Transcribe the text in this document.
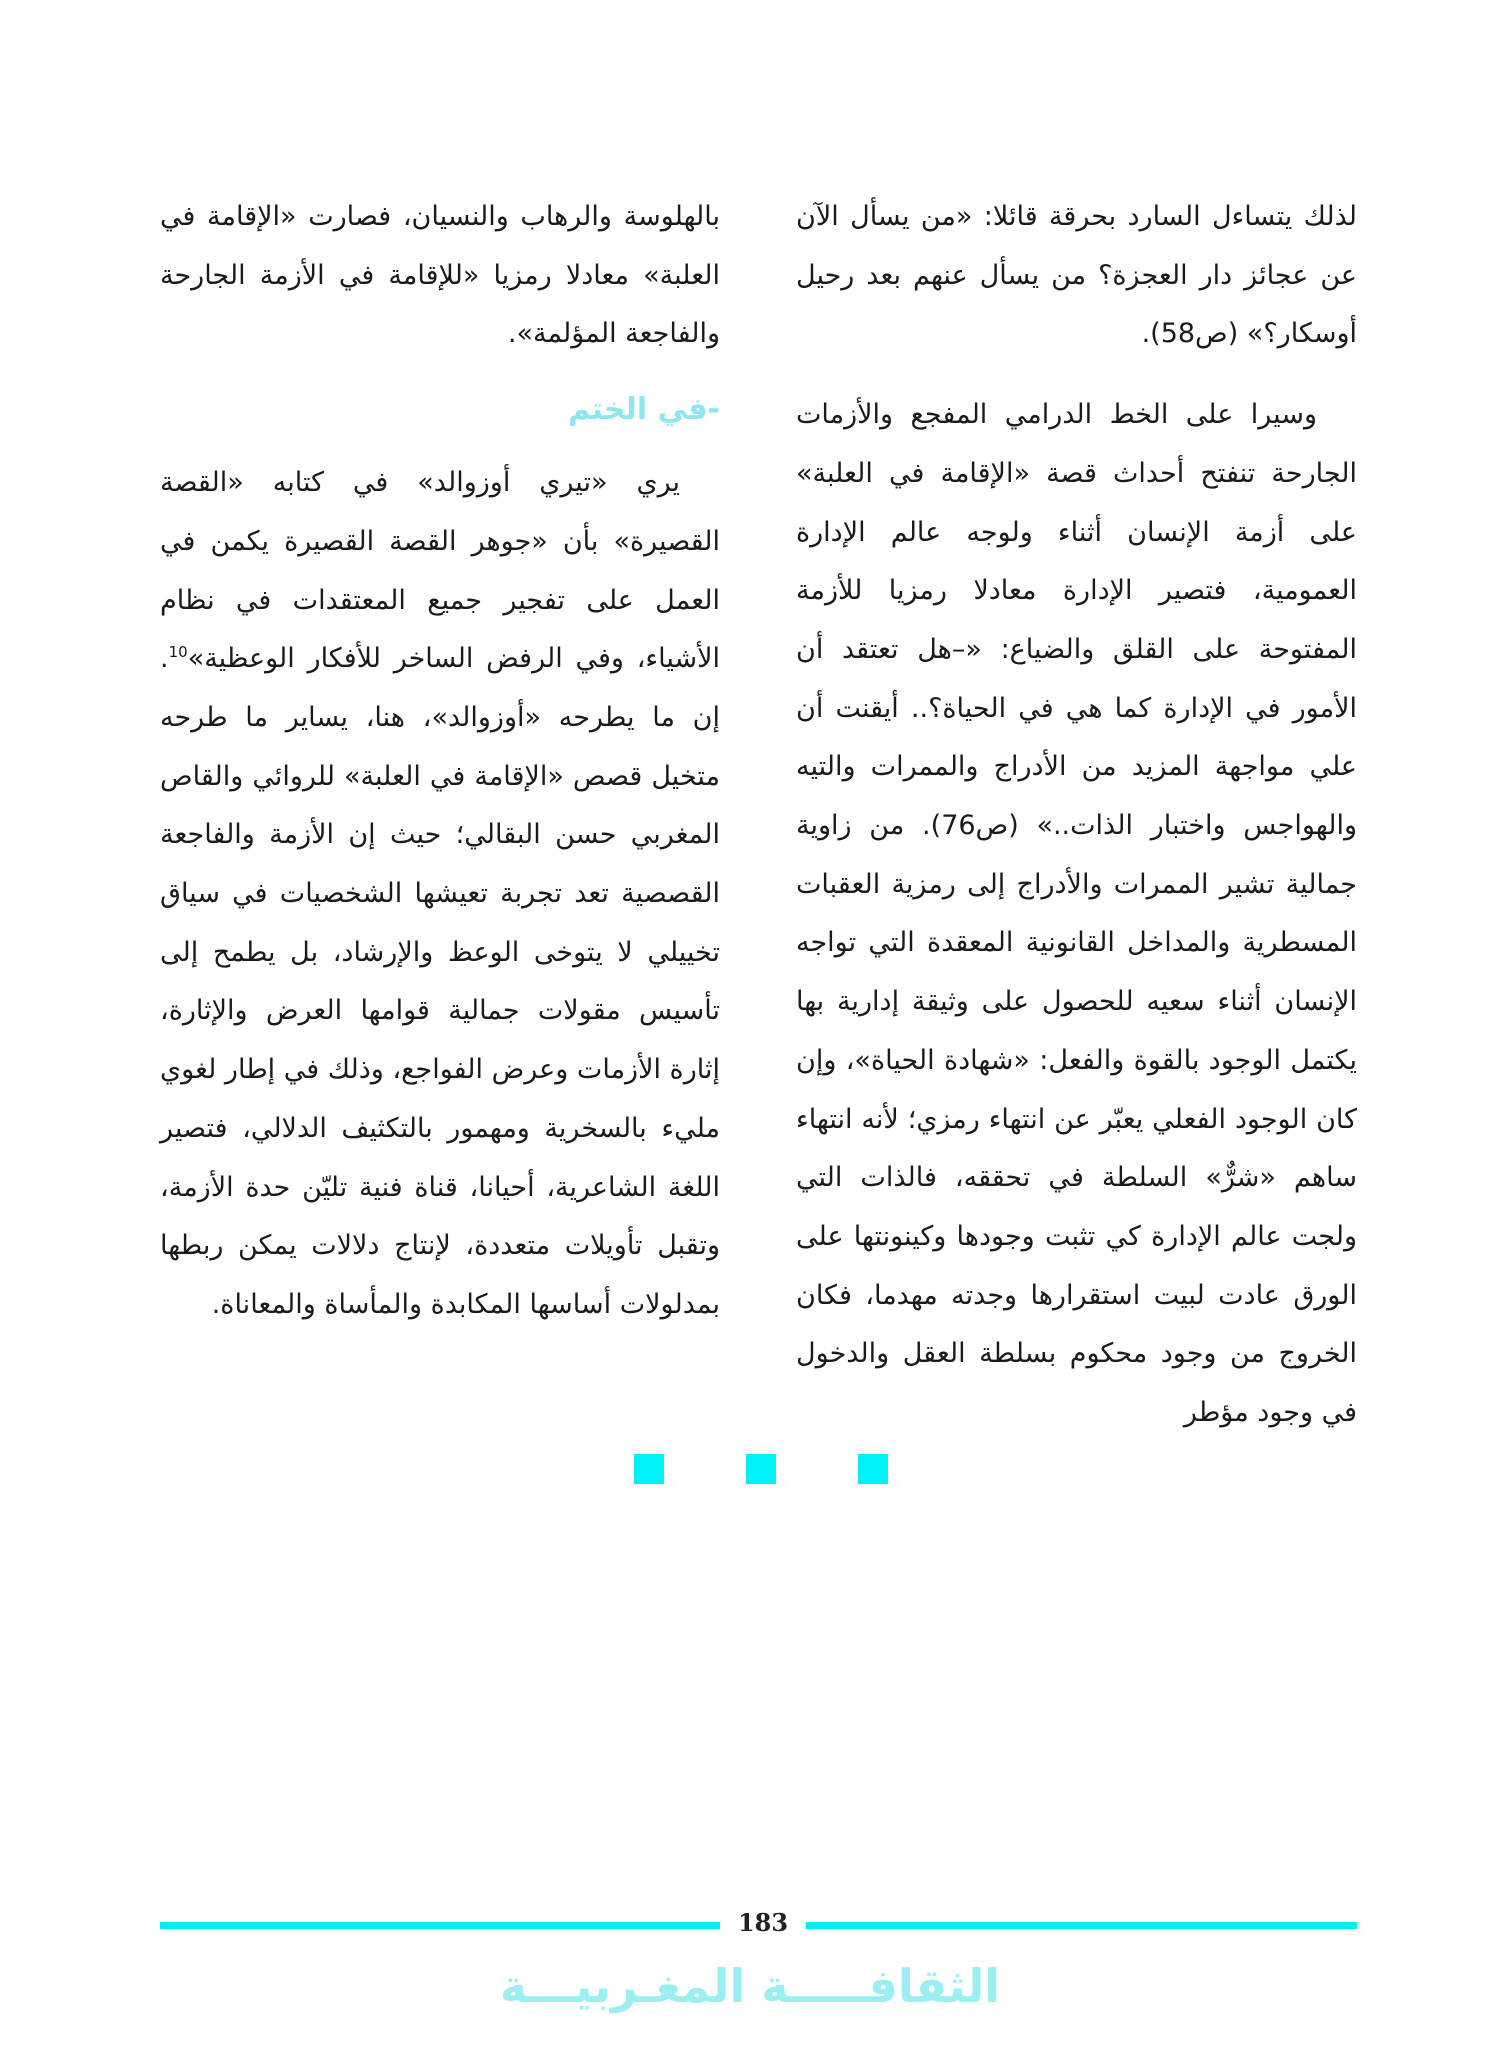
لذلك يتساءل السارد بحرقة قائلا: «من يسأل الآن عن عجائز دار العجزة؟ من يسأل عنهم بعد رحيل أوسكار؟» (ص58).

وسيرا على الخط الدرامي المفجع والأزمات الجارحة تنفتح أحداث قصة «الإقامة في العلبة» على أزمة الإنسان أثناء ولوجه عالم الإدارة العمومية، فتصير الإدارة معادلا رمزيا للأزمة المفتوحة على القلق والضياع: «–هل تعتقد أن الأمور في الإدارة كما هي في الحياة؟.. أيقنت أن علي مواجهة المزيد من الأدراج والممرات والتيه والهواجس واختبار الذات..» (ص76). من زاوية جمالية تشير الممرات والأدراج إلى رمزية العقبات المسطرية والمداخل القانونية المعقدة التي تواجه الإنسان أثناء سعيه للحصول على وثيقة إدارية بها يكتمل الوجود بالقوة والفعل: «شهادة الحياة»، وإن كان الوجود الفعلي يعبّر عن انتهاء رمزي؛ لأنه انتهاء ساهم «شرٌّ» السلطة في تحققه، فالذات التي ولجت عالم الإدارة كي تثبت وجودها وكينونتها على الورق عادت لبيت استقرارها وجدته مهدما، فكان الخروج من وجود محكوم بسلطة العقل والدخول في وجود مؤطر

بالهلوسة والرهاب والنسيان، فصارت «الإقامة في العلبة» معادلا رمزيا «للإقامة في الأزمة الجارحة والفاجعة المؤلمة».

-في الختم

يري «تيري أوزوالد» في كتابه «القصة القصيرة» بأن «جوهر القصة القصيرة يكمن في العمل على تفجير جميع المعتقدات في نظام الأشياء، وفي الرفض الساخر للأفكار الوعظية»$^{10}$. إن ما يطرحه «أوزوالد»، هنا، يساير ما طرحه متخيل قصص «الإقامة في العلبة» للروائي والقاص المغربي حسن البقالي؛ حيث إن الأزمة والفاجعة القصصية تعد تجربة تعيشها الشخصيات في سياق تخييلي لا يتوخى الوعظ والإرشاد، بل يطمح إلى تأسيس مقولات جمالية قوامها العرض والإثارة، إثارة الأزمات وعرض الفواجع، وذلك في إطار لغوي مليء بالسخرية ومهمور بالتكثيف الدلالي، فتصير اللغة الشاعرية، أحيانا، قناة فنية تليّن حدة الأزمة، وتقبل تأويلات متعددة، لإنتاج دلالات يمكن ربطها بمدلولات أساسها المكابدة والمأساة والمعاناة.

183
الثقافـــــة المغـربيـــة
